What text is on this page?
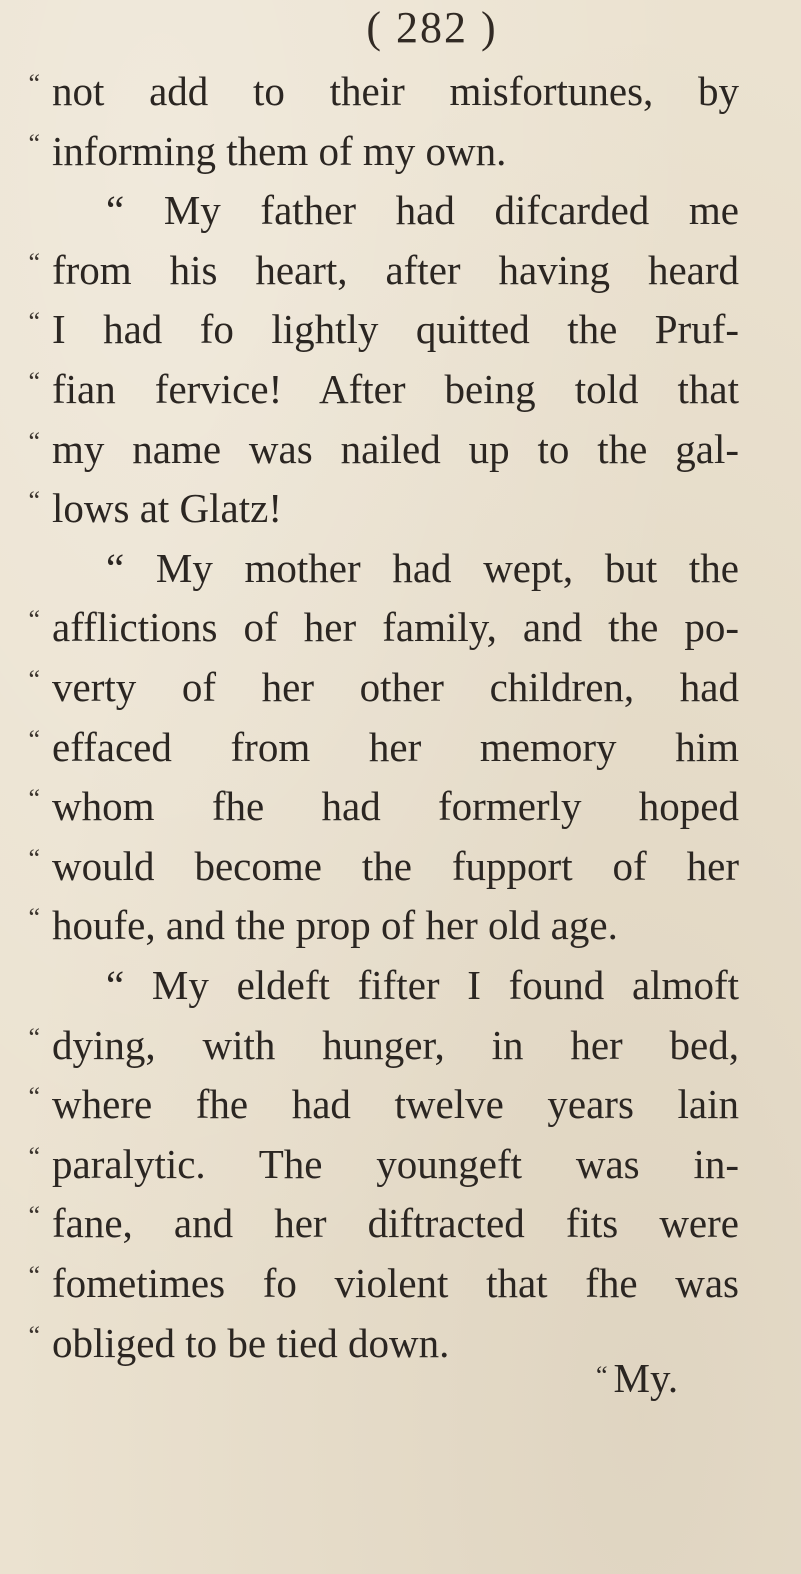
( 282 )
“ not add to their misfortunes, by
“ informing them of my own.
“ My father had difcarded me
“ from his heart, after having heard
“ I had fo lightly quitted the Pruf-
“ fian fervice! After being told that
“ my name was nailed up to the gal-
“ lows at Glatz!
“ My mother had wept, but the
“ afflictions of her family, and the po-
“ verty of her other children, had
“ effaced from her memory him
“ whom fhe had formerly hoped
“ would become the fupport of her
“ houfe, and the prop of her old age.
“ My eldeft fifter I found almoft
“ dying, with hunger, in her bed,
“ where fhe had twelve years lain
“ paralytic. The youngeft was in-
“ fane, and her diftracted fits were
“ fometimes fo violent that fhe was
“ obliged to be tied down.
“ My.
